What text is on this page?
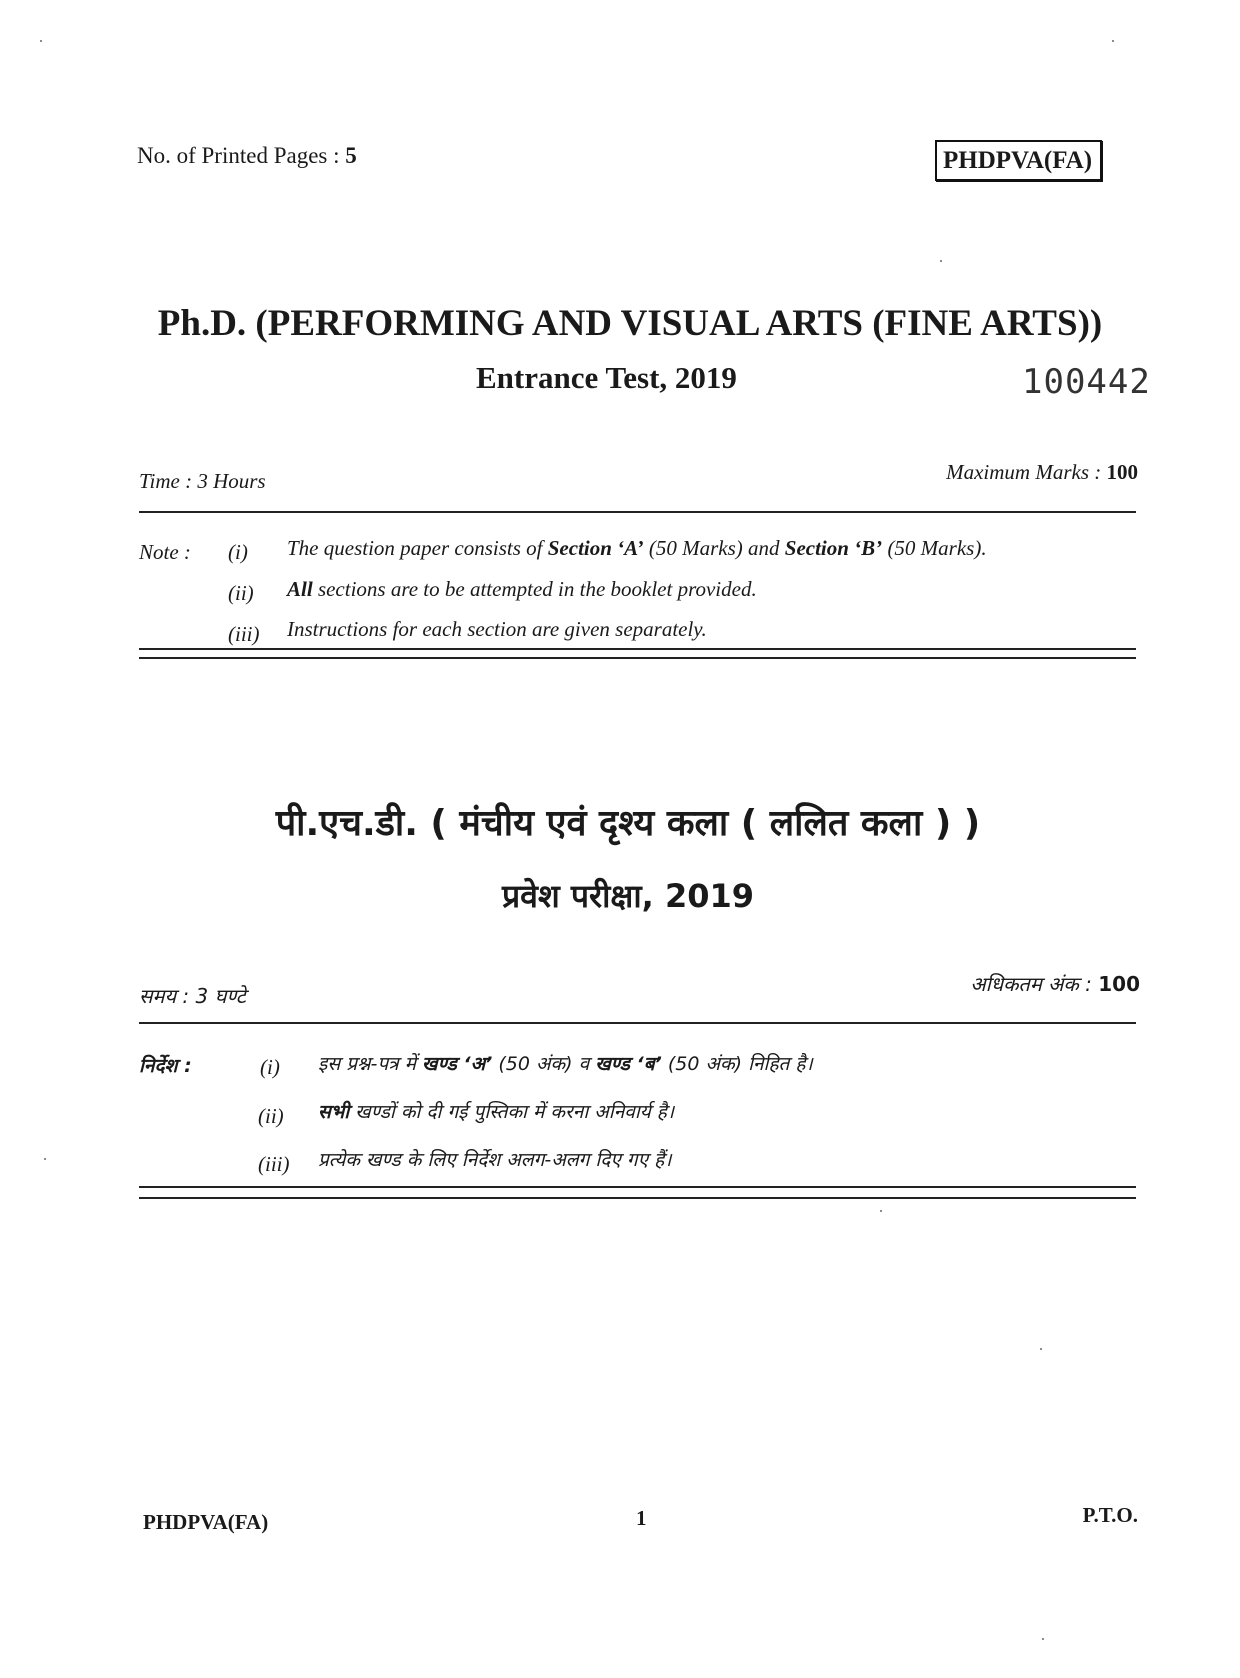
No. of Printed Pages : 5	PHDPVA(FA)
Ph.D. (PERFORMING AND VISUAL ARTS (FINE ARTS))
Entrance Test, 2019	100442
Time : 3 Hours	Maximum Marks : 100
Note : (i) The question paper consists of Section ‘A’ (50 Marks) and Section ‘B’ (50 Marks).
(ii) All sections are to be attempted in the booklet provided.
(iii) Instructions for each section are given separately.
पी.एच.डी. ( मंचीय एवं दृश्य कला ( ललित कला ) )
प्रवेश परीक्षा, 2019
समय : 3 घण्टे	अधिकतम अंक : 100
निर्देश :	(i) इस प्रश्न-पत्र में खण्ड ‘अ’ (50 अंक) व खण्ड ‘ब’ (50 अंक) निहित है।
(ii) सभी खण्डों को दी गई पुस्तिका में करना अनिवार्य है।
(iii) प्रत्येक खण्ड के लिए निर्देश अलग-अलग दिए गए हैं।
PHDPVA(FA)	1	P.T.O.
